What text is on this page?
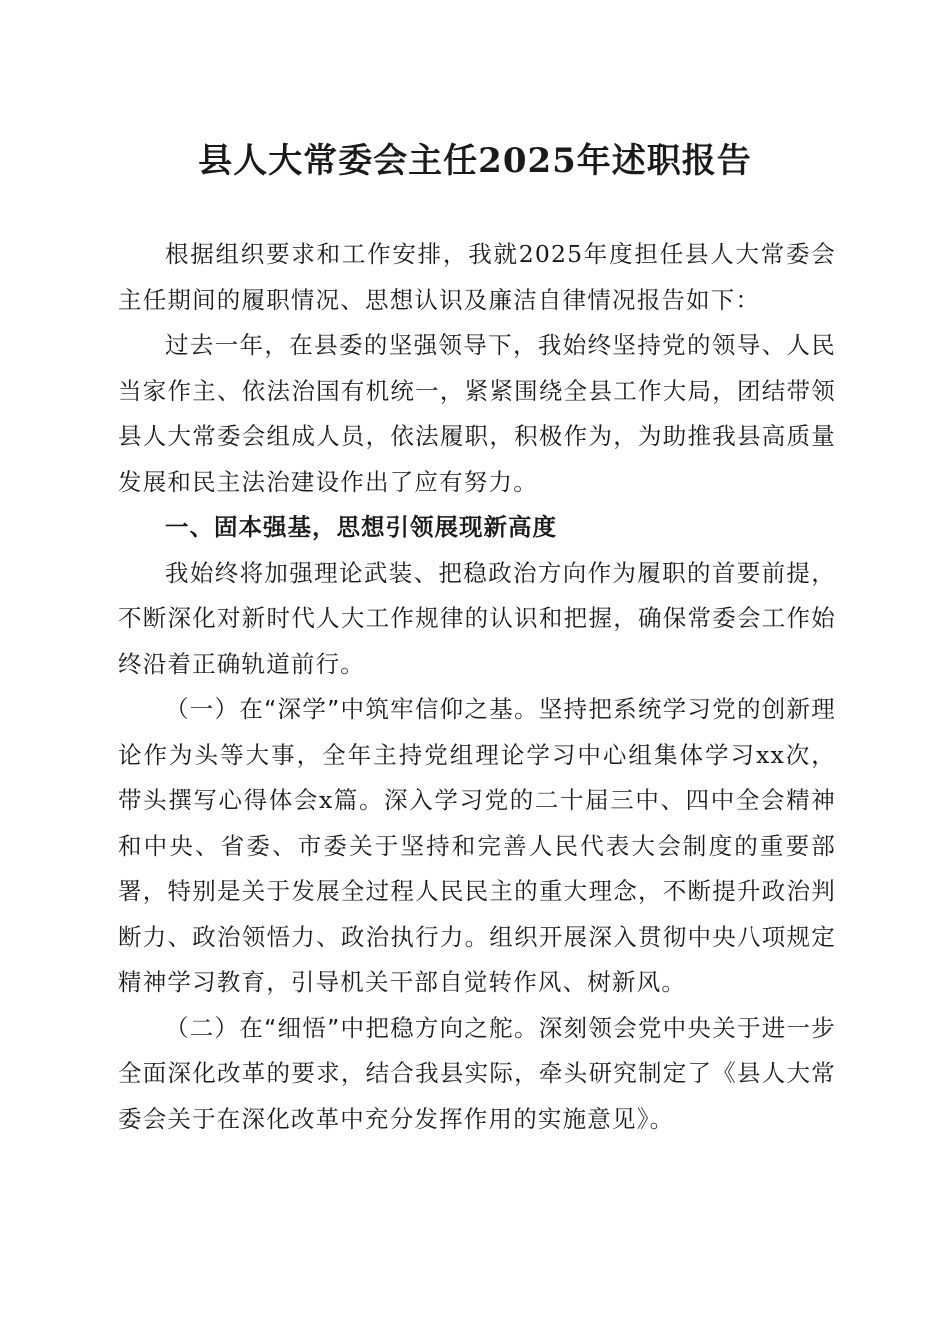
县人大常委会主任2025年述职报告

根据组织要求和工作安排，我就2025年度担任县人大常委会主任期间的履职情况、思想认识及廉洁自律情况报告如下：

过去一年，在县委的坚强领导下，我始终坚持党的领导、人民当家作主、依法治国有机统一，紧紧围绕全县工作大局，团结带领县人大常委会组成人员，依法履职，积极作为，为助推我县高质量发展和民主法治建设作出了应有努力。

一、固本强基，思想引领展现新高度

我始终将加强理论武装、把稳政治方向作为履职的首要前提，不断深化对新时代人大工作规律的认识和把握，确保常委会工作始终沿着正确轨道前行。

（一）在“深学”中筑牢信仰之基。坚持把系统学习党的创新理论作为头等大事，全年主持党组理论学习中心组集体学习xx次，带头撰写心得体会x篇。深入学习党的二十届三中、四中全会精神和中央、省委、市委关于坚持和完善人民代表大会制度的重要部署，特别是关于发展全过程人民民主的重大理念，不断提升政治判断力、政治领悟力、政治执行力。组织开展深入贯彻中央八项规定精神学习教育，引导机关干部自觉转作风、树新风。

（二）在“细悟”中把稳方向之舵。深刻领会党中央关于进一步全面深化改革的要求，结合我县实际，牵头研究制定了《县人大常委会关于在深化改革中充分发挥作用的实施意见》。
